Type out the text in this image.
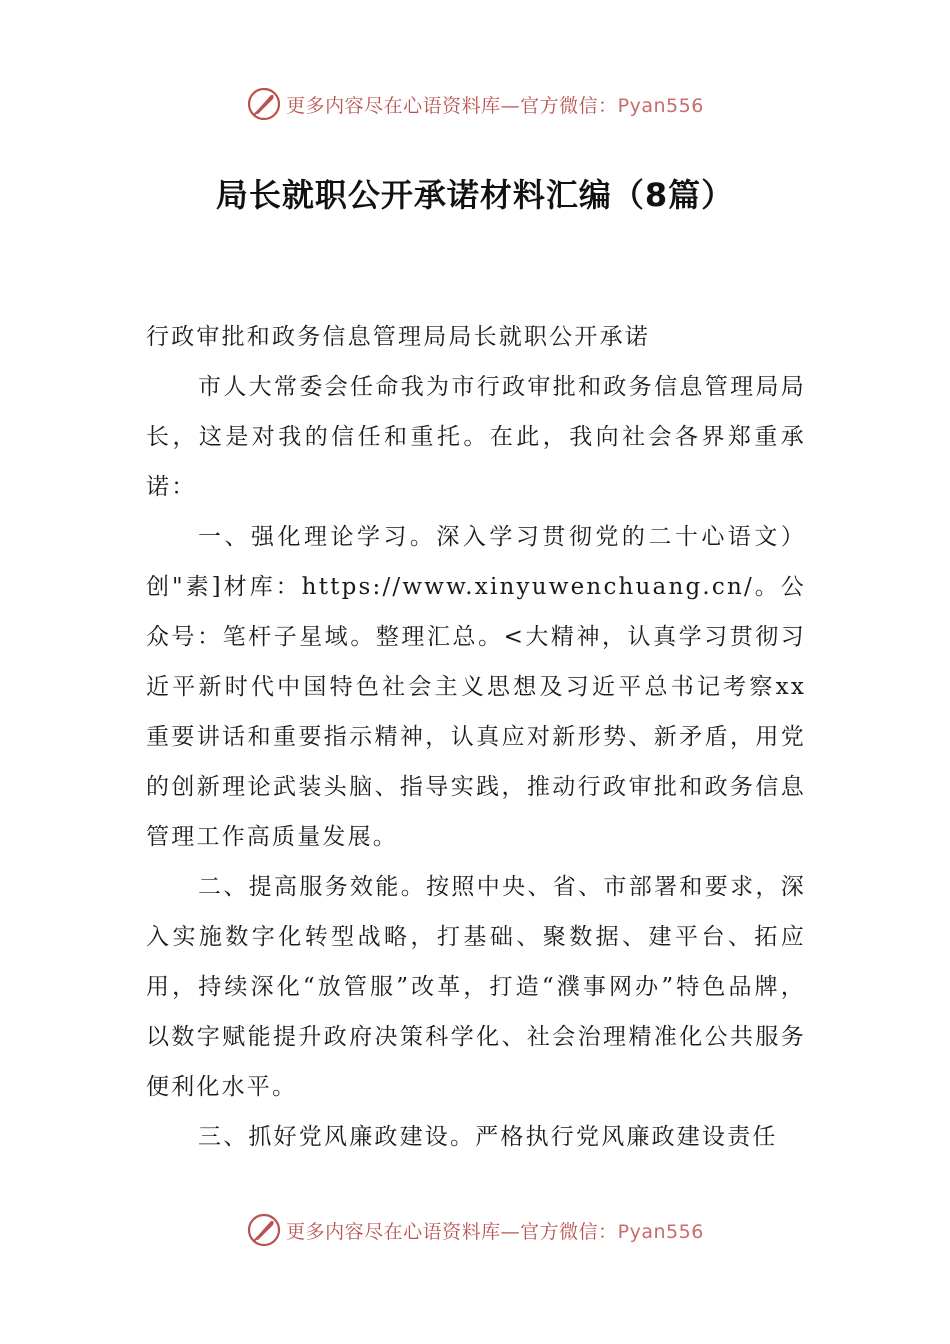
更多内容尽在心语资料库—官方微信：Pyan556
局长就职公开承诺材料汇编（8篇）

行政审批和政务信息管理局局长就职公开承诺

市人大常委会任命我为市行政审批和政务信息管理局局长，这是对我的信任和重托。在此，我向社会各界郑重承诺：

一、强化理论学习。深入学习贯彻党的二十心语文）创"素]材库：https://www.xinyuwenchuang.cn/。公众号：笔杆子星域。整理汇总。<大精神，认真学习贯彻习近平新时代中国特色社会主义思想及习近平总书记考察xx重要讲话和重要指示精神，认真应对新形势、新矛盾，用党的创新理论武装头脑、指导实践，推动行政审批和政务信息管理工作高质量发展。

二、提高服务效能。按照中央、省、市部署和要求，深入实施数字化转型战略，打基础、聚数据、建平台、拓应用，持续深化“放管服”改革，打造“濮事网办”特色品牌，以数字赋能提升政府决策科学化、社会治理精准化公共服务便利化水平。

三、抓好党风廉政建设。严格执行党风廉政建设责任

更多内容尽在心语资料库—官方微信：Pyan556
